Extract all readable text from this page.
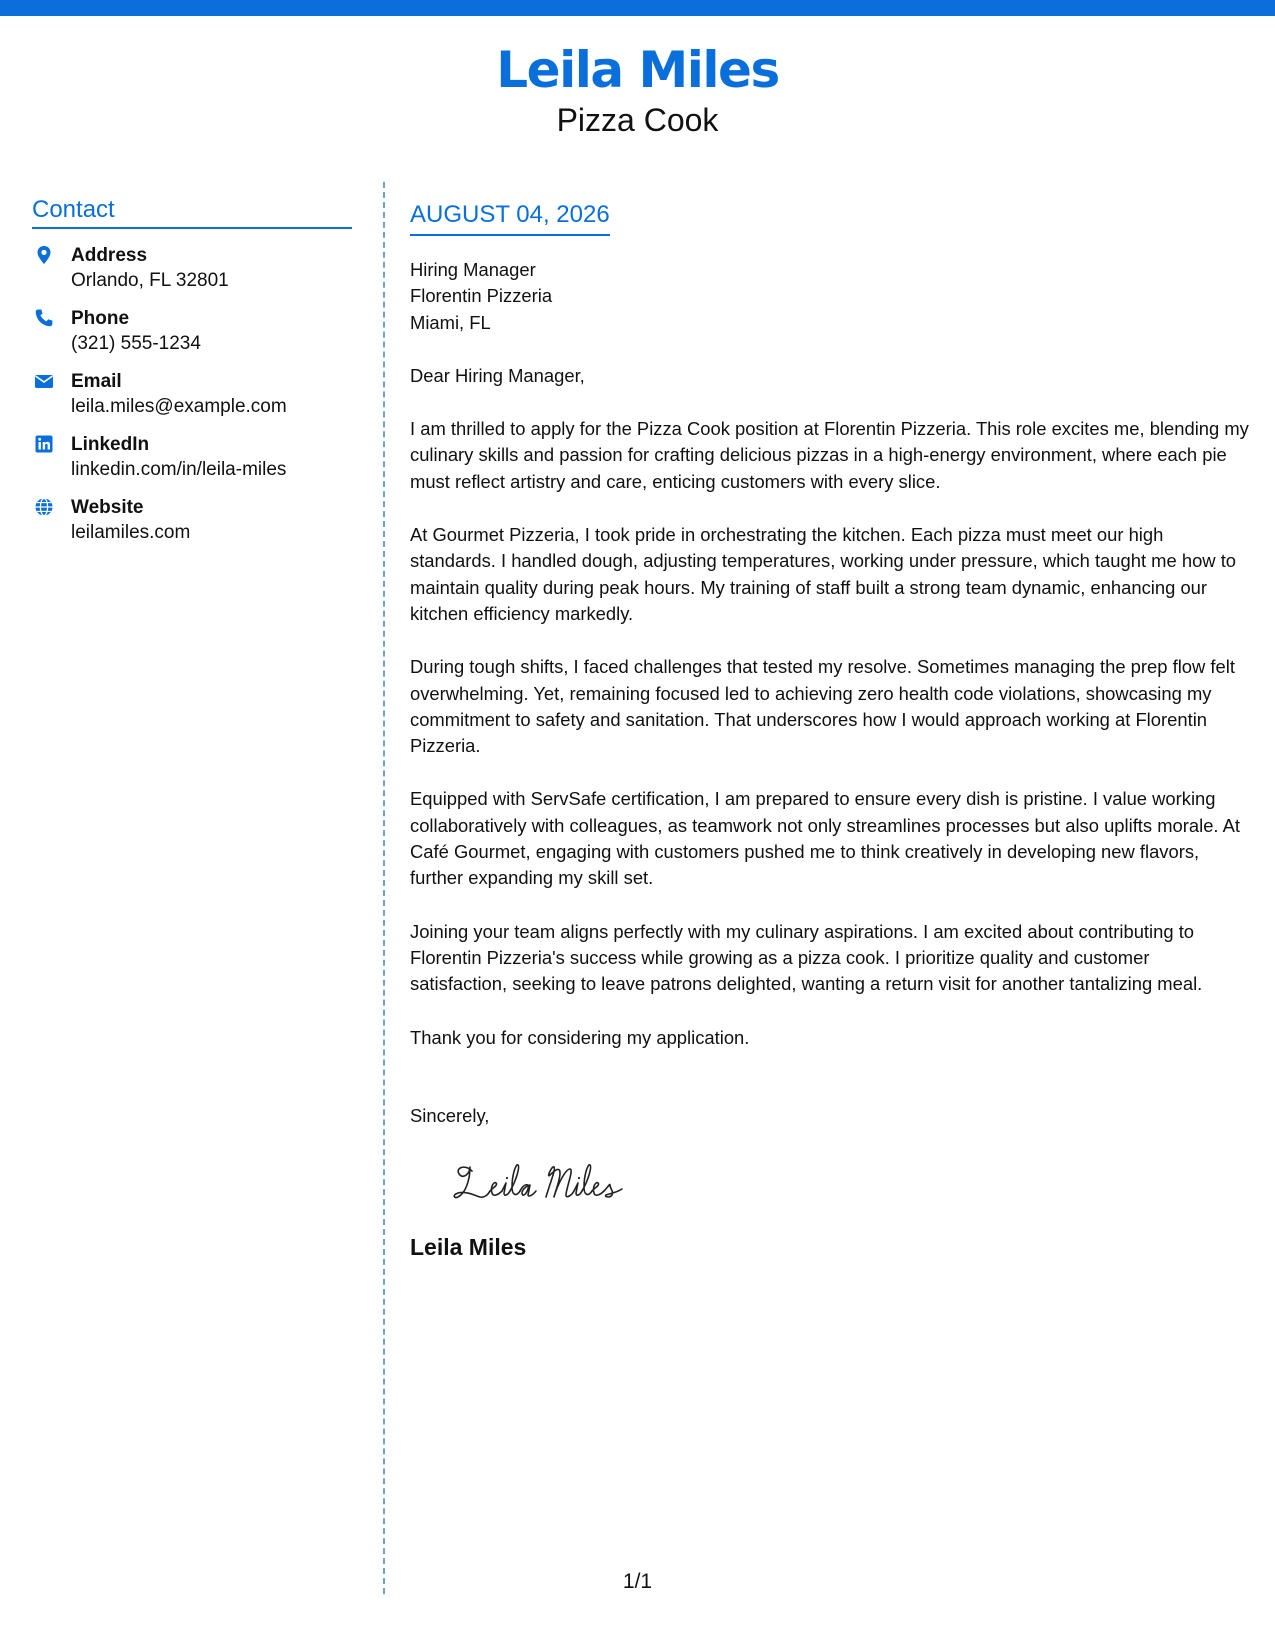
Leila Miles
Pizza Cook
Contact
Address
Orlando, FL 32801
Phone
(321) 555-1234
Email
leila.miles@example.com
LinkedIn
linkedin.com/in/leila-miles
Website
leilamiles.com
AUGUST 04, 2026
Hiring Manager
Florentin Pizzeria
Miami, FL
Dear Hiring Manager,
I am thrilled to apply for the Pizza Cook position at Florentin Pizzeria. This role excites me, blending my culinary skills and passion for crafting delicious pizzas in a high-energy environment, where each pie must reflect artistry and care, enticing customers with every slice.
At Gourmet Pizzeria, I took pride in orchestrating the kitchen. Each pizza must meet our high standards. I handled dough, adjusting temperatures, working under pressure, which taught me how to maintain quality during peak hours. My training of staff built a strong team dynamic, enhancing our kitchen efficiency markedly.
During tough shifts, I faced challenges that tested my resolve. Sometimes managing the prep flow felt overwhelming. Yet, remaining focused led to achieving zero health code violations, showcasing my commitment to safety and sanitation. That underscores how I would approach working at Florentin Pizzeria.
Equipped with ServSafe certification, I am prepared to ensure every dish is pristine. I value working collaboratively with colleagues, as teamwork not only streamlines processes but also uplifts morale. At Café Gourmet, engaging with customers pushed me to think creatively in developing new flavors, further expanding my skill set.
Joining your team aligns perfectly with my culinary aspirations. I am excited about contributing to Florentin Pizzeria's success while growing as a pizza cook. I prioritize quality and customer satisfaction, seeking to leave patrons delighted, wanting a return visit for another tantalizing meal.
Thank you for considering my application.
Sincerely,
Leila Miles
1/1
